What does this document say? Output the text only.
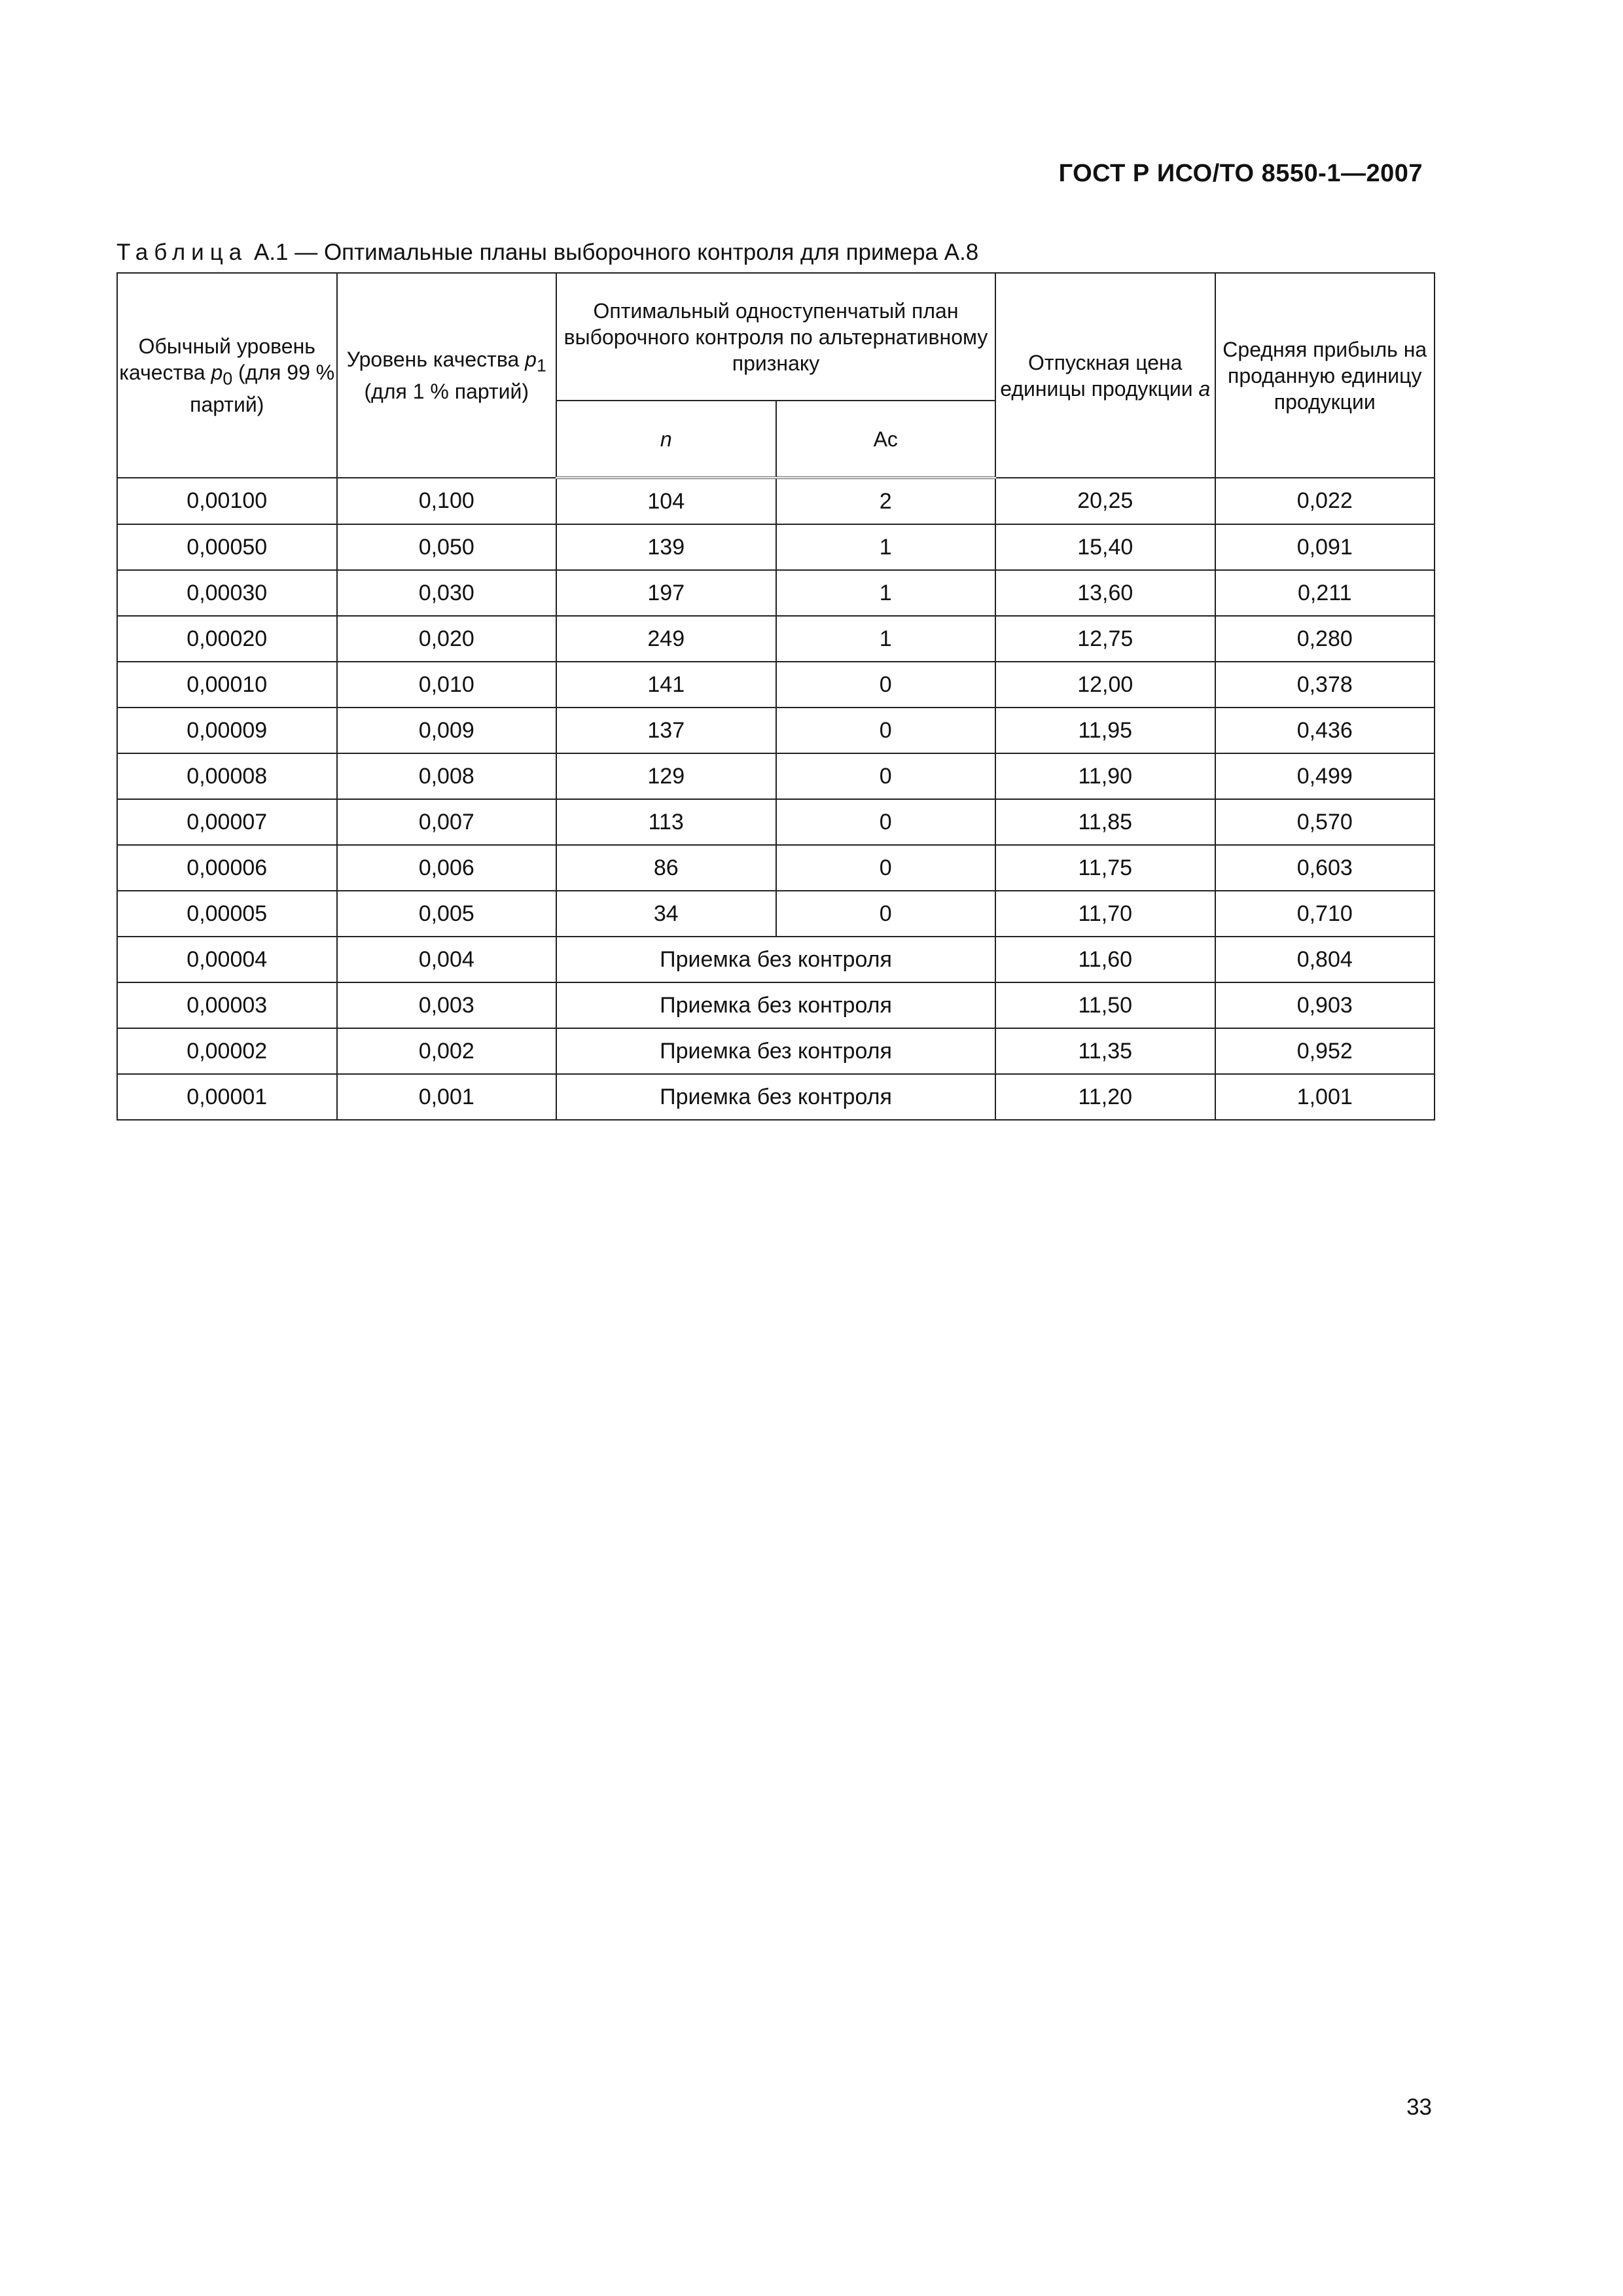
ГОСТ Р ИСО/ТО 8550-1—2007
Таблица А.1 — Оптимальные планы выборочного контроля для примера А.8
Обычный уровень качества $p_0$ (для 99 % партий)	Уровень качества $p_1$ (для 1 % партий)	Оптимальный одноступенчатый план выборочного контроля по альтернативному признаку		Отпускная цена единицы продукции a	Средняя прибыль на проданную единицу продукции
		n	Ac		
0,00100	0,100	104	2	20,25	0,022
0,00050	0,050	139	1	15,40	0,091
0,00030	0,030	197	1	13,60	0,211
0,00020	0,020	249	1	12,75	0,280
0,00010	0,010	141	0	12,00	0,378
0,00009	0,009	137	0	11,95	0,436
0,00008	0,008	129	0	11,90	0,499
0,00007	0,007	113	0	11,85	0,570
0,00006	0,006	86	0	11,75	0,603
0,00005	0,005	34	0	11,70	0,710
0,00004	0,004	Приемка без контроля		11,60	0,804
0,00003	0,003	Приемка без контроля		11,50	0,903
0,00002	0,002	Приемка без контроля		11,35	0,952
0,00001	0,001	Приемка без контроля		11,20	1,001
33
